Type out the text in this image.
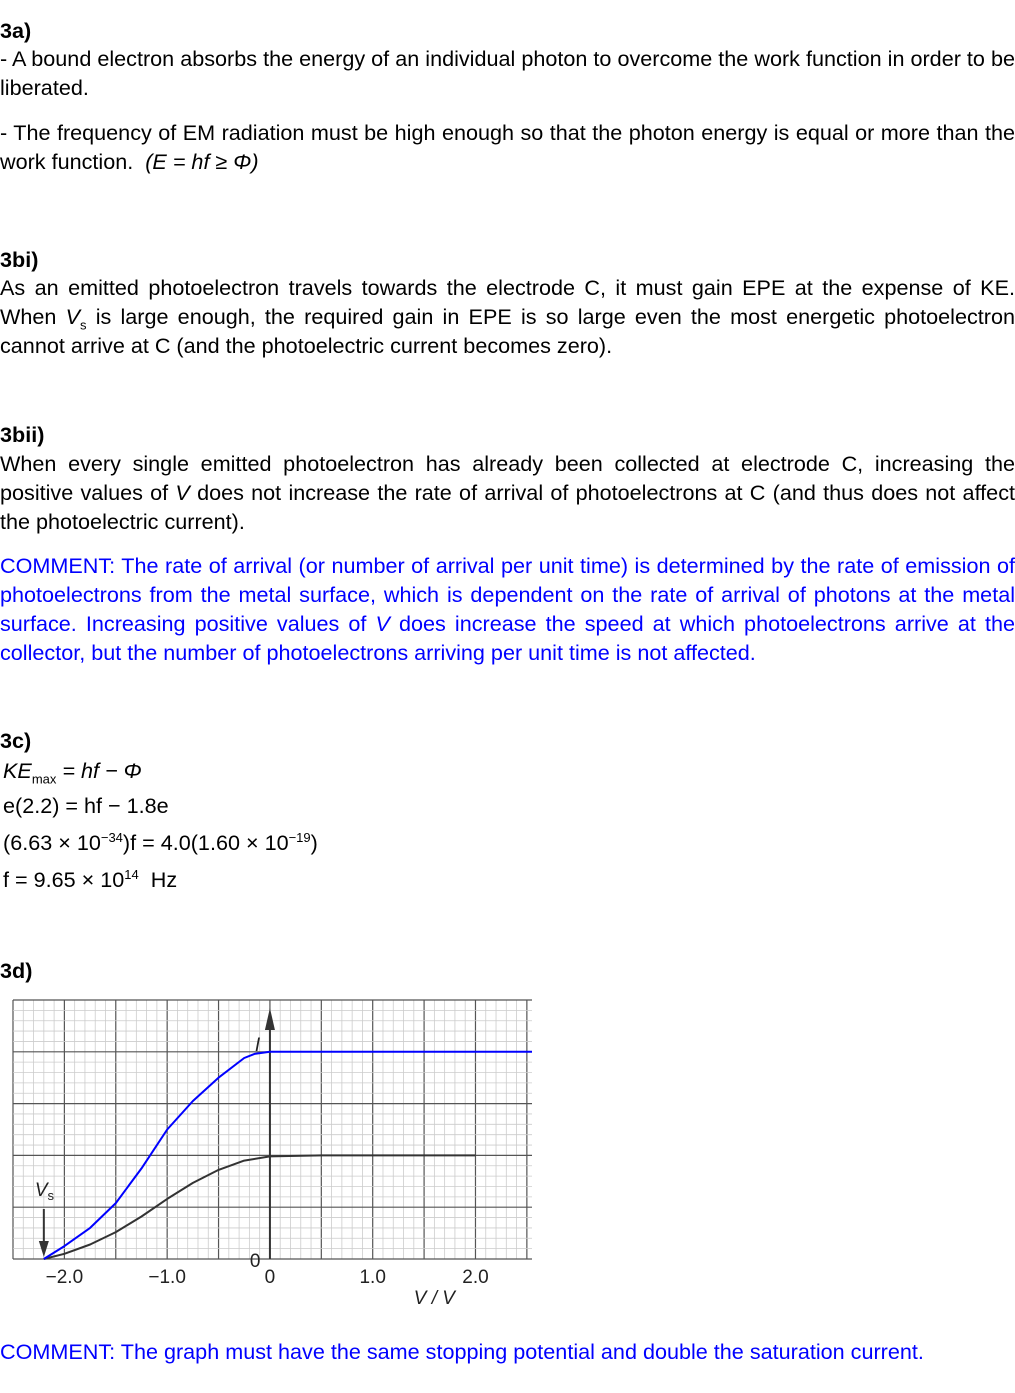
3a)

- A bound electron absorbs the energy of an individual photon to overcome the work function in order to be liberated.

- The frequency of EM radiation must be high enough so that the photon energy is equal or more than the work function. (E = hf ≥ Φ)

3bi)

As an emitted photoelectron travels towards the electrode C, it must gain EPE at the expense of KE. When $V_s$ is large enough, the required gain in EPE is so large even the most energetic photoelectron cannot arrive at C (and the photoelectric current becomes zero).

3bii)

When every single emitted photoelectron has already been collected at electrode C, increasing the positive values of V does not increase the rate of arrival of photoelectrons at C (and thus does not affect the photoelectric current).

COMMENT: The rate of arrival (or number of arrival per unit time) is determined by the rate of emission of photoelectrons from the metal surface, which is dependent on the rate of arrival of photons at the metal surface. Increasing positive values of V does increase the speed at which photoelectrons arrive at the collector, but the number of photoelectrons arriving per unit time is not affected.

3c)
$KE_{max}$ = hf − Φ
e(2.2) = hf − 1.8e
$(6.63 \times 10^{-34})f = 4.0(1.60 \times 10^{-19})$
$f = 9.65 \times 10^{14}$  Hz
3d)
I
0
V / V
$V_s$
−2.0	−1.0	0	1.0	2.0
COMMENT: The graph must have the same stopping potential and double the saturation current.
